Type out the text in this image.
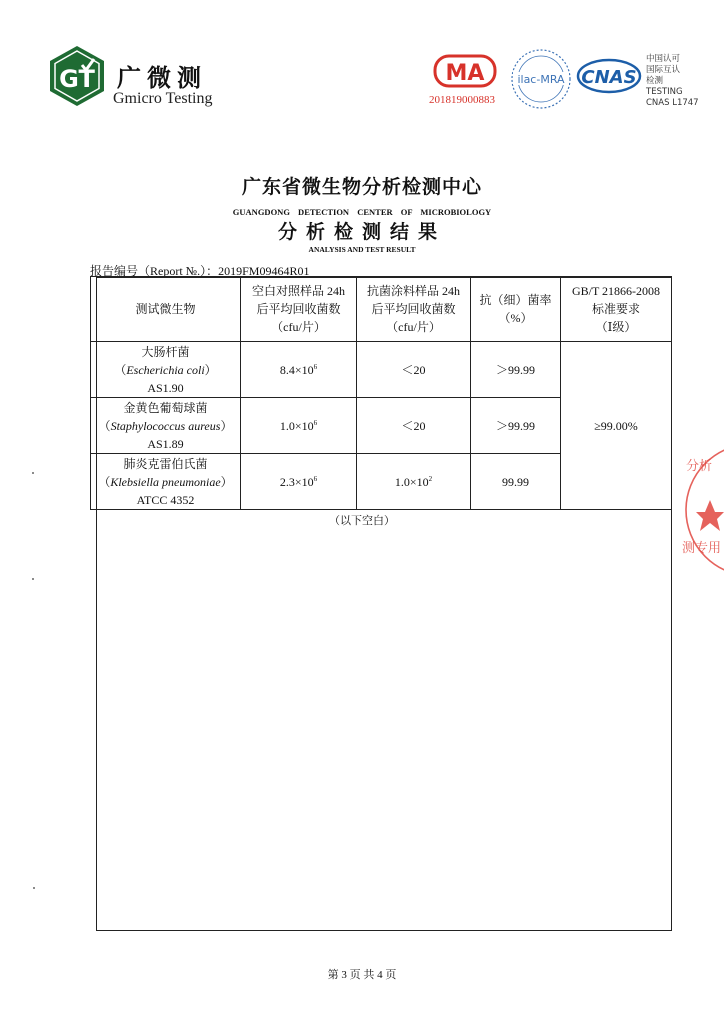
GT 广微测
Gmicro Testing
MA
201819000883
ilac-MRA CNAS
中国认可
国际互认
检测
TESTING
CNAS L1747
广东省微生物分析检测中心
GUANGDONG DETECTION CENTER OF MICROBIOLOGY
分析检测结果
ANALYSIS AND TEST RESULT
报告编号（Report №.）：2019FM09464R01
测试微生物	空白对照样品 24h
后平均回收菌数
（cfu/片）	抗菌涂料样品 24h
后平均回收菌数
（cfu/片）	抗（细）菌率
（%）	GB/T 21866-2008
标准要求
（Ⅰ级）

大肠杆菌
（Escherichia coli）
AS1.90	$8.4\times 10^6$	＜20	＞99.99	≥99.00%

金黄色葡萄球菌
（Staphylococcus aureus）
AS1.89	$1.0\times 10^6$	＜20	＞99.99	

肺炎克雷伯氏菌
（Klebsiella pneumoniae）
ATCC 4352	$2.3\times 10^6$	$1.0\times 10^2$	99.99	
（以下空白）
分析
测专用
第 3 页 共 4 页
